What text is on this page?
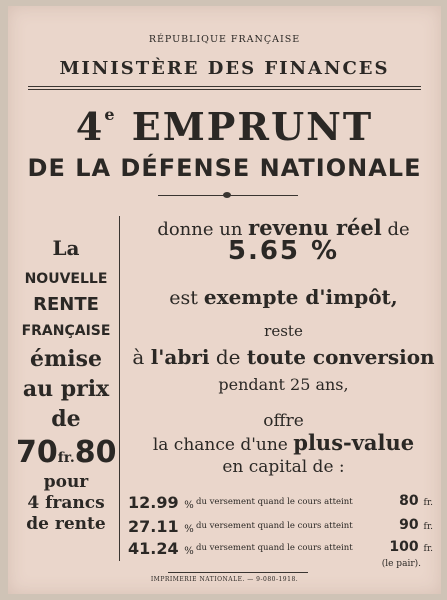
RÉPUBLIQUE FRANÇAISE
MINISTÈRE DES FINANCES
4e EMPRUNT
DE LA DÉFENSE NATIONALE
La
NOUVELLE
RENTE
FRANÇAISE
émise
au prix
de
70fr.80
pour
4 francs
de rente
donne un revenu réel de
5.65 %
est exempte d'impôt,
reste
à l'abri de toute conversion
pendant 25 ans,
offre
la chance d'une plus-value
en capital de :
12.99 % du versement quand le cours atteint	80 fr.
27.11 % du versement quand le cours atteint	90 fr.
41.24 % du versement quand le cours atteint	100 fr.
(le pair).
IMPRIMERIE NATIONALE. — 9-080-1918.
